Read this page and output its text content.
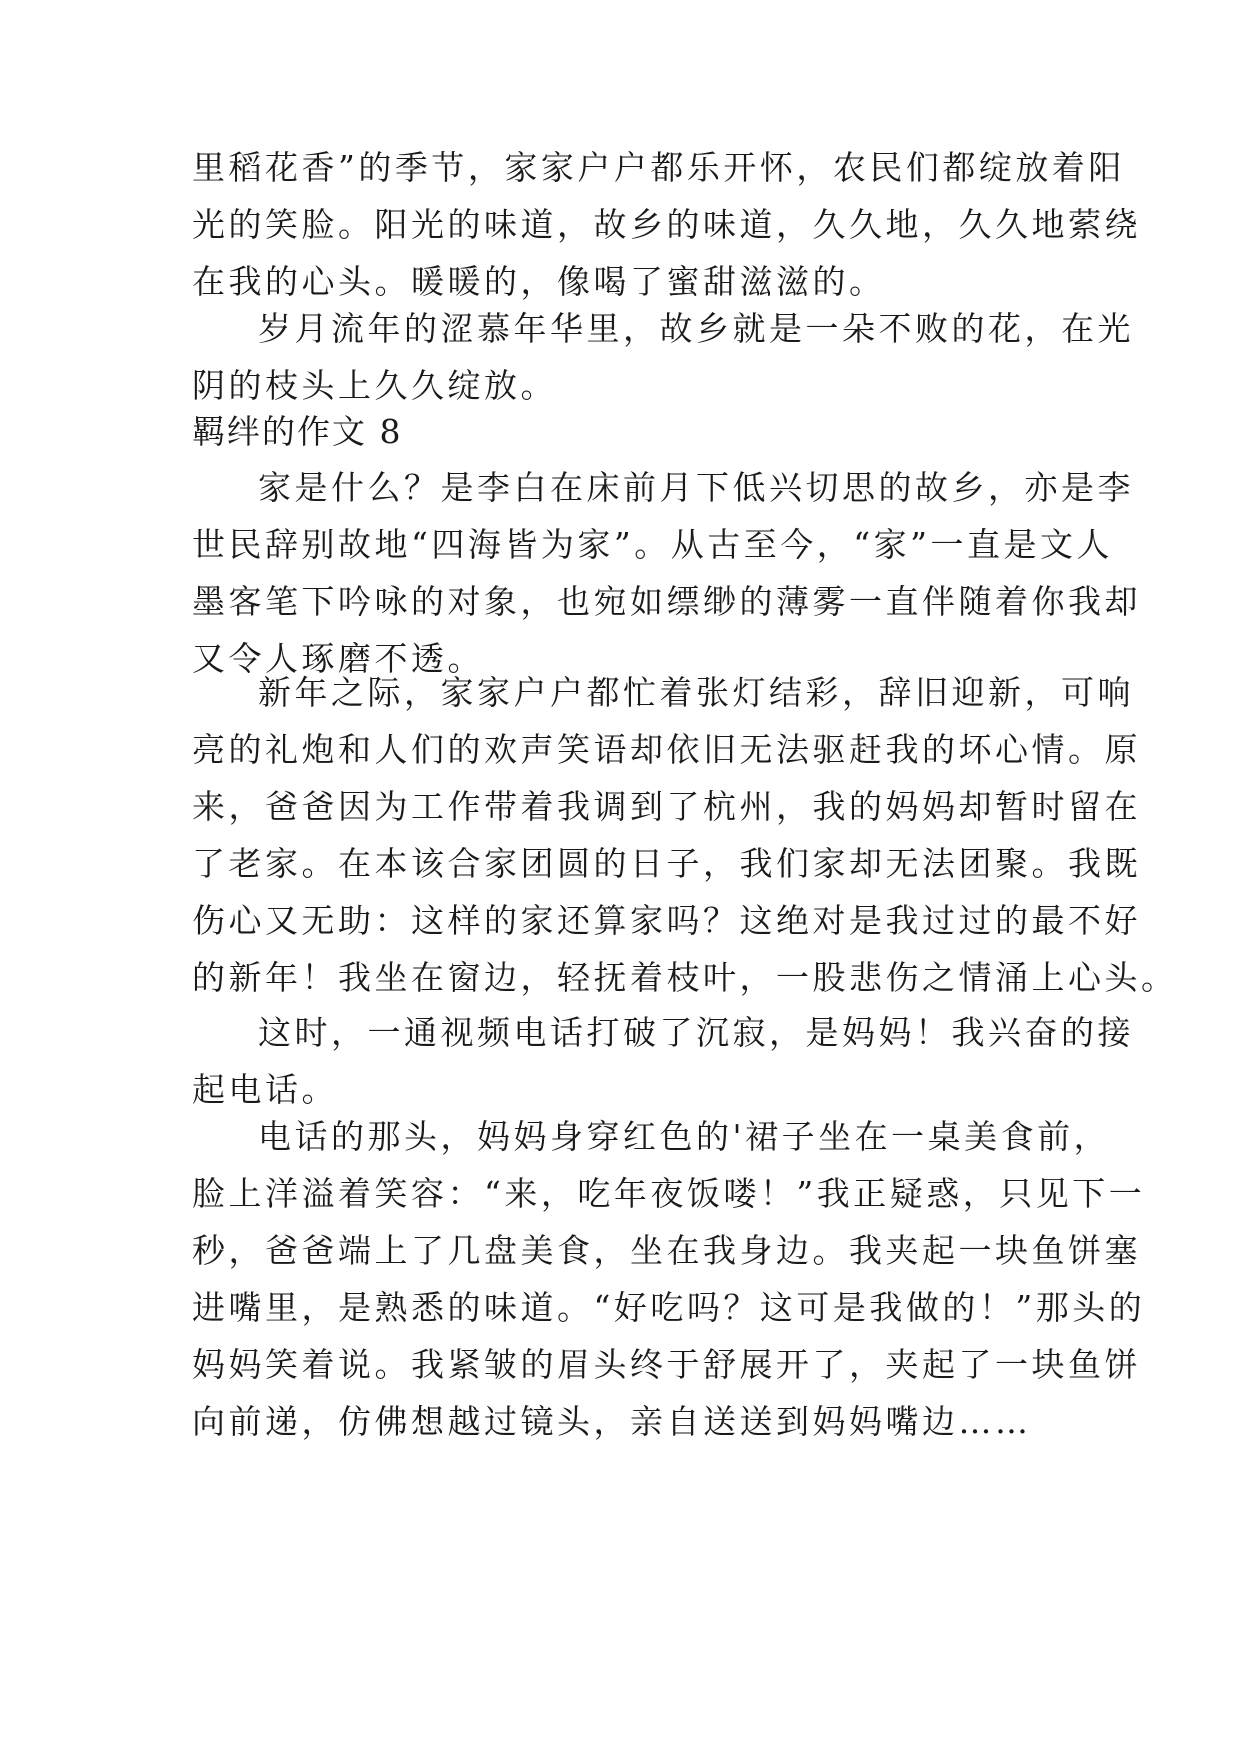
里稻花香”的季节，家家户户都乐开怀，农民们都绽放着阳
光的笑脸。阳光的味道，故乡的味道，久久地，久久地萦绕
在我的心头。暖暖的，像喝了蜜甜滋滋的。
岁月流年的涩慕年华里，故乡就是一朵不败的花，在光
阴的枝头上久久绽放。
羁绊的作文 8
家是什么？是李白在床前月下低兴切思的故乡，亦是李
世民辞别故地“四海皆为家”。从古至今，“家”一直是文人
墨客笔下吟咏的对象，也宛如缥缈的薄雾一直伴随着你我却
又令人琢磨不透。
新年之际，家家户户都忙着张灯结彩，辞旧迎新，可响
亮的礼炮和人们的欢声笑语却依旧无法驱赶我的坏心情。原
来，爸爸因为工作带着我调到了杭州，我的妈妈却暂时留在
了老家。在本该合家团圆的日子，我们家却无法团聚。我既
伤心又无助：这样的家还算家吗？这绝对是我过过的最不好
的新年！我坐在窗边，轻抚着枝叶，一股悲伤之情涌上心头。
这时，一通视频电话打破了沉寂，是妈妈！我兴奋的接
起电话。
电话的那头，妈妈身穿红色的'裙子坐在一桌美食前，
脸上洋溢着笑容：“来，吃年夜饭喽！”我正疑惑，只见下一
秒，爸爸端上了几盘美食，坐在我身边。我夹起一块鱼饼塞
进嘴里，是熟悉的味道。“好吃吗？这可是我做的！”那头的
妈妈笑着说。我紧皱的眉头终于舒展开了，夹起了一块鱼饼
向前递，仿佛想越过镜头，亲自送送到妈妈嘴边……
